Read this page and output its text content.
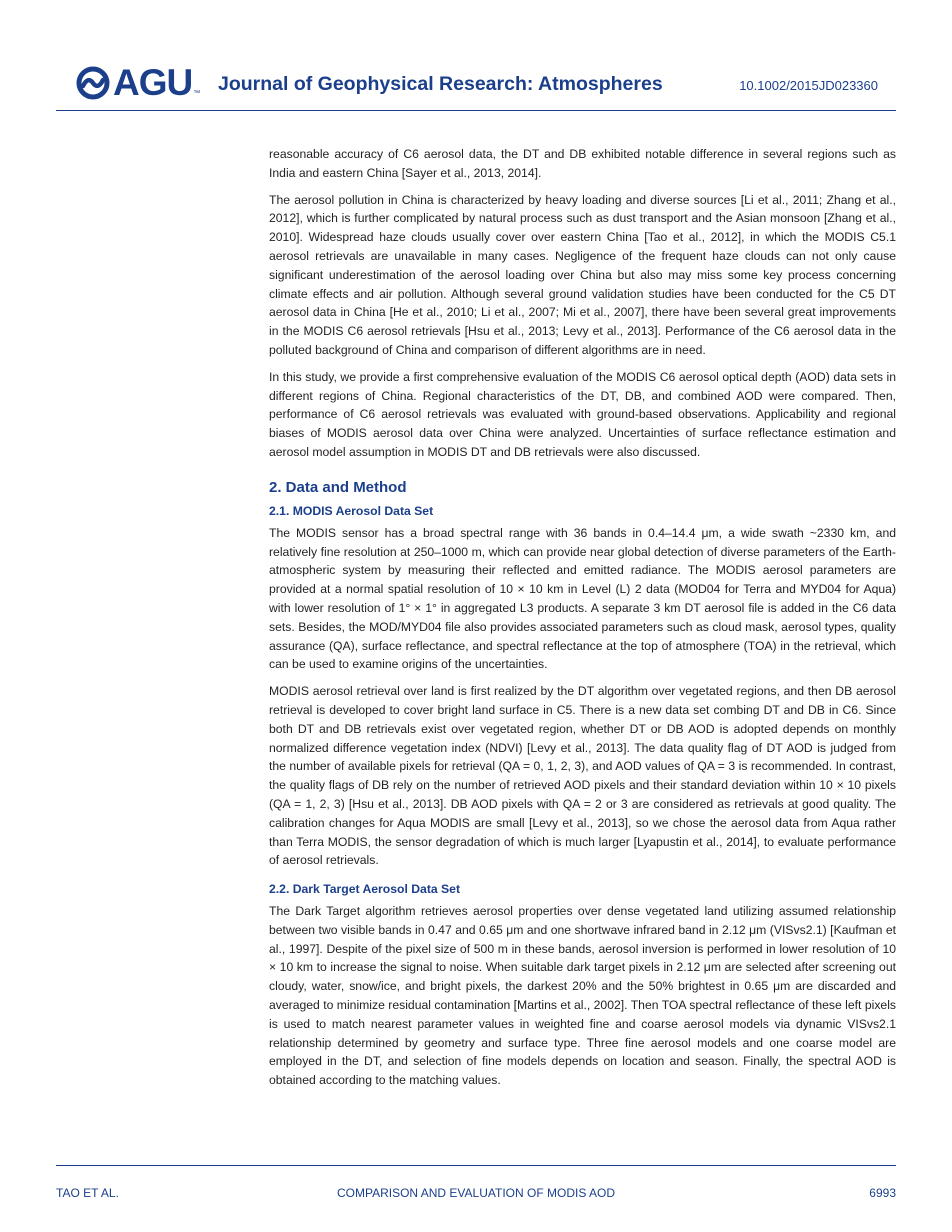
AGU ™ Journal of Geophysical Research: Atmospheres	10.1002/2015JD023360

reasonable accuracy of C6 aerosol data, the DT and DB exhibited notable difference in several regions such as India and eastern China [Sayer et al., 2013, 2014].

The aerosol pollution in China is characterized by heavy loading and diverse sources [Li et al., 2011; Zhang et al., 2012], which is further complicated by natural process such as dust transport and the Asian monsoon [Zhang et al., 2010]. Widespread haze clouds usually cover over eastern China [Tao et al., 2012], in which the MODIS C5.1 aerosol retrievals are unavailable in many cases. Negligence of the frequent haze clouds can not only cause significant underestimation of the aerosol loading over China but also may miss some key process concerning climate effects and air pollution. Although several ground validation studies have been conducted for the C5 DT aerosol data in China [He et al., 2010; Li et al., 2007; Mi et al., 2007], there have been several great improvements in the MODIS C6 aerosol retrievals [Hsu et al., 2013; Levy et al., 2013]. Performance of the C6 aerosol data in the polluted background of China and comparison of different algorithms are in need.

In this study, we provide a first comprehensive evaluation of the MODIS C6 aerosol optical depth (AOD) data sets in different regions of China. Regional characteristics of the DT, DB, and combined AOD were compared. Then, performance of C6 aerosol retrievals was evaluated with ground-based observations. Applicability and regional biases of MODIS aerosol data over China were analyzed. Uncertainties of surface reflectance estimation and aerosol model assumption in MODIS DT and DB retrievals were also discussed.

2. Data and Method
2.1. MODIS Aerosol Data Set

The MODIS sensor has a broad spectral range with 36 bands in 0.4–14.4 μm, a wide swath ~2330 km, and relatively fine resolution at 250–1000 m, which can provide near global detection of diverse parameters of the Earth-atmospheric system by measuring their reflected and emitted radiance. The MODIS aerosol parameters are provided at a normal spatial resolution of 10 × 10 km in Level (L) 2 data (MOD04 for Terra and MYD04 for Aqua) with lower resolution of 1° × 1° in aggregated L3 products. A separate 3 km DT aerosol file is added in the C6 data sets. Besides, the MOD/MYD04 file also provides associated parameters such as cloud mask, aerosol types, quality assurance (QA), surface reflectance, and spectral reflectance at the top of atmosphere (TOA) in the retrieval, which can be used to examine origins of the uncertainties.

MODIS aerosol retrieval over land is first realized by the DT algorithm over vegetated regions, and then DB aerosol retrieval is developed to cover bright land surface in C5. There is a new data set combing DT and DB in C6. Since both DT and DB retrievals exist over vegetated region, whether DT or DB AOD is adopted depends on monthly normalized difference vegetation index (NDVI) [Levy et al., 2013]. The data quality flag of DT AOD is judged from the number of available pixels for retrieval (QA = 0, 1, 2, 3), and AOD values of QA = 3 is recommended. In contrast, the quality flags of DB rely on the number of retrieved AOD pixels and their standard deviation within 10 × 10 pixels (QA = 1, 2, 3) [Hsu et al., 2013]. DB AOD pixels with QA = 2 or 3 are considered as retrievals at good quality. The calibration changes for Aqua MODIS are small [Levy et al., 2013], so we chose the aerosol data from Aqua rather than Terra MODIS, the sensor degradation of which is much larger [Lyapustin et al., 2014], to evaluate performance of aerosol retrievals.

2.2. Dark Target Aerosol Data Set

The Dark Target algorithm retrieves aerosol properties over dense vegetated land utilizing assumed relationship between two visible bands in 0.47 and 0.65 μm and one shortwave infrared band in 2.12 μm (VISvs2.1) [Kaufman et al., 1997]. Despite of the pixel size of 500 m in these bands, aerosol inversion is performed in lower resolution of 10 × 10 km to increase the signal to noise. When suitable dark target pixels in 2.12 μm are selected after screening out cloudy, water, snow/ice, and bright pixels, the darkest 20% and the 50% brightest in 0.65 μm are discarded and averaged to minimize residual contamination [Martins et al., 2002]. Then TOA spectral reflectance of these left pixels is used to match nearest parameter values in weighted fine and coarse aerosol models via dynamic VISvs2.1 relationship determined by geometry and surface type. Three fine aerosol models and one coarse model are employed in the DT, and selection of fine models depends on location and season. Finally, the spectral AOD is obtained according to the matching values.

TAO ET AL.	COMPARISON AND EVALUATION OF MODIS AOD	6993
